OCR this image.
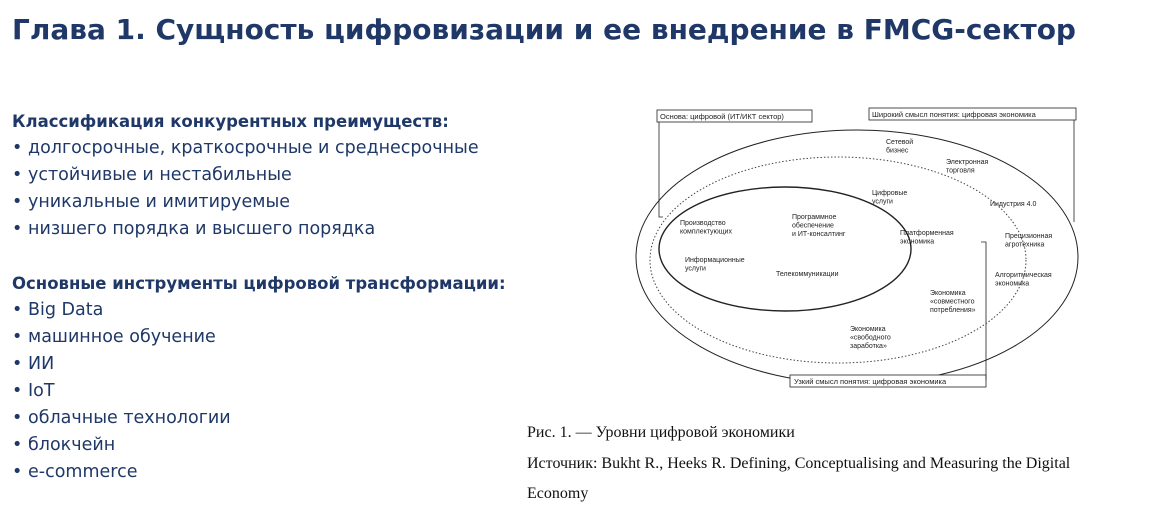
Глава 1. Сущность цифровизации и ее внедрение в FMCG-сектор

Классификация конкурентных преимуществ:

• долгосрочные, краткосрочные и среднесрочные
• устойчивые и нестабильные
• уникальные и имитируемые
• низшего порядка и высшего порядка

Основные инструменты цифровой трансформации:

• Big Data
• машинное обучение
• ИИ
• IoT
• облачные технологии
• блокчейн
• e-commerce
Основа: цифровой (ИТ/ИКТ сектор)	Широкий смысл понятия: цифровая экономика
Узкий смысл понятия: цифровая экономика
Производство комплектующих
Программное обеспечение и ИТ-консалтинг
Информационные услуги
Телекоммуникации
Цифровые услуги
Платформенная экономика
Экономика «совместного потребления»
Экономика «свободного заработка»
Сетевой бизнес
Электронная торговля
Индустрия 4.0
Прецизионная агротехника
Алгоритмическая экономика
Рис. 1. — Уровни цифровой экономики
Источник: Bukht R., Heeks R. Defining, Conceptualising and Measuring the Digital
Economy
